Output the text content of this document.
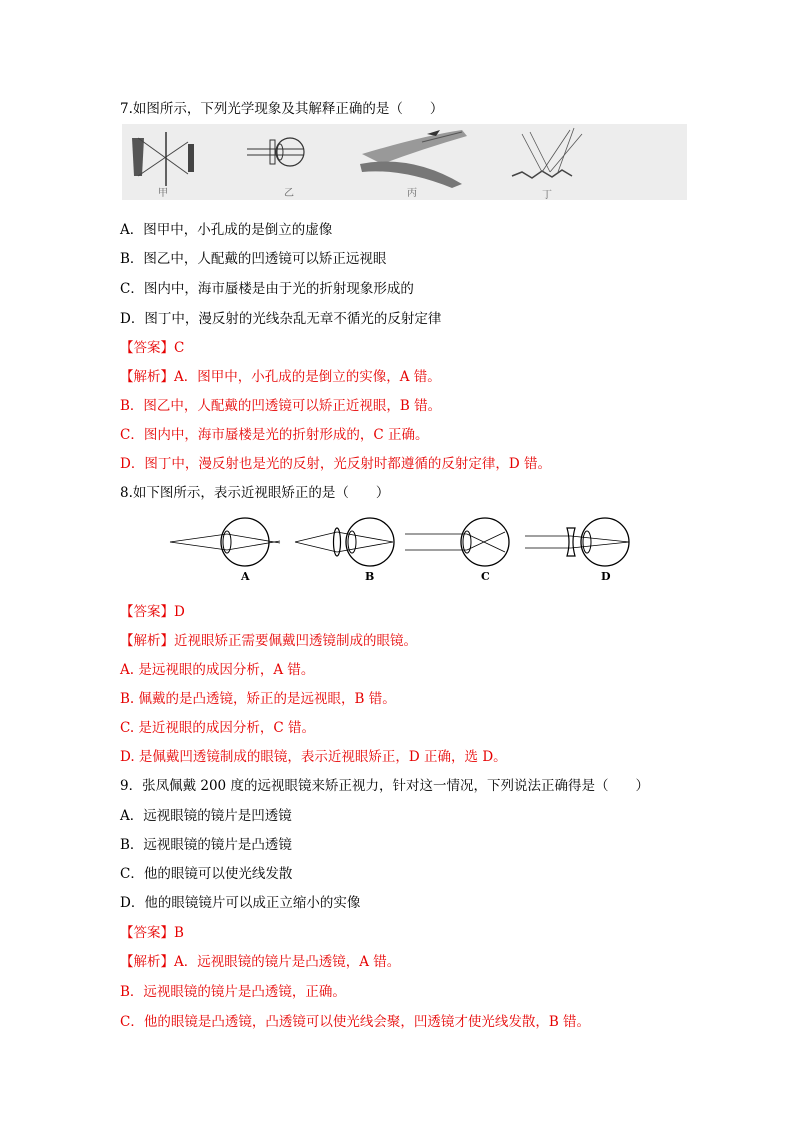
7.如图所示，下列光学现象及其解释正确的是（　　）
甲	乙	丙	丁
A．图甲中，小孔成的是倒立的虚像
B．图乙中，人配戴的凹透镜可以矫正远视眼
C．图内中，海市蜃楼是由于光的折射现象形成的
D．图丁中，漫反射的光线杂乱无章不循光的反射定律
【答案】C
【解析】A．图甲中，小孔成的是倒立的实像，A 错。
B．图乙中，人配戴的凹透镜可以矫正近视眼，B 错。
C．图内中，海市蜃楼是光的折射形成的，C 正确。
D．图丁中，漫反射也是光的反射，光反射时都遵循的反射定律，D 错。
8.如下图所示，表示近视眼矫正的是（　　）
A	B	C	D
【答案】D
【解析】近视眼矫正需要佩戴凹透镜制成的眼镜。
A. 是远视眼的成因分析，A 错。
B. 佩戴的是凸透镜，矫正的是远视眼，B 错。
C. 是近视眼的成因分析，C 错。
D. 是佩戴凹透镜制成的眼镜，表示近视眼矫正，D 正确，选 D。
9．张凤佩戴 200 度的远视眼镜来矫正视力，针对这一情况，下列说法正确得是（　　）
A．远视眼镜的镜片是凹透镜
B．远视眼镜的镜片是凸透镜
C．他的眼镜可以使光线发散
D．他的眼镜镜片可以成正立缩小的实像
【答案】B
【解析】A．远视眼镜的镜片是凸透镜，A 错。
B．远视眼镜的镜片是凸透镜，正确。
C．他的眼镜是凸透镜，凸透镜可以使光线会聚，凹透镜才使光线发散，B 错。
